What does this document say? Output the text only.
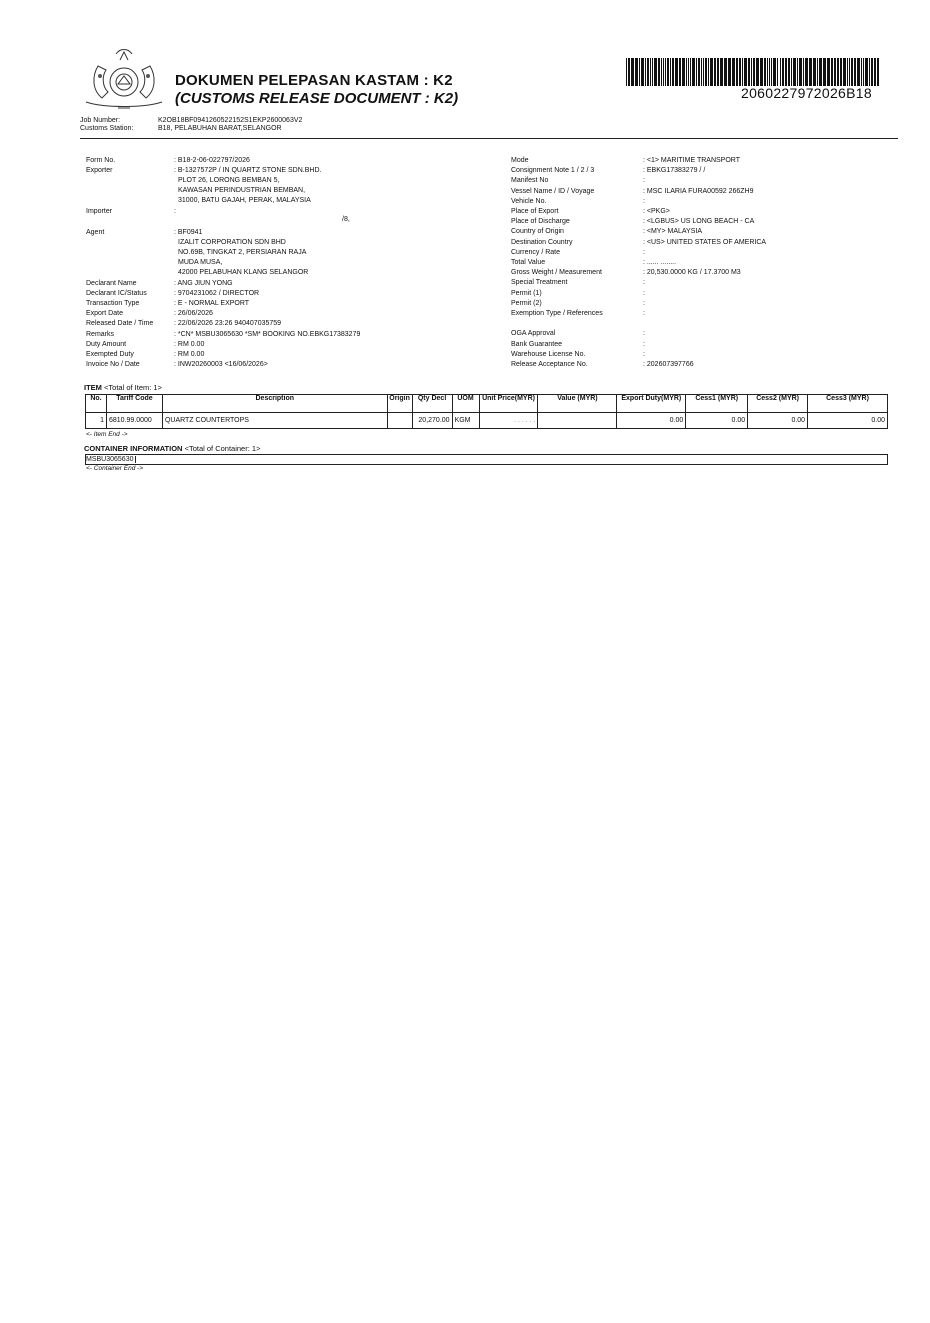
DOKUMEN PELEPASAN KASTAM : K2
(CUSTOMS RELEASE DOCUMENT : K2)	2060227972026B18
Job Number:	K2OB18BF0941260522152S1EKP2600063V2
Customs Station:	B18, PELABUHAN BARAT,SELANGOR
Form No.	: B18-2-06-022797/2026
Exporter	: B-1327572P / IN QUARTZ STONE SDN.BHD.
PLOT 26, LORONG BEMBAN 5,
KAWASAN PERINDUSTRIAN BEMBAN,
31000, BATU GAJAH, PERAK, MALAYSIA
Importer	:
/8,
Agent	: BF0941
IZALIT CORPORATION SDN BHD
NO.69B, TINGKAT 2, PERSIARAN RAJA
MUDA MUSA,
42000 PELABUHAN KLANG SELANGOR
Declarant Name	: ANG JIUN YONG
Declarant IC/Status	: 9704231062 / DIRECTOR
Transaction Type	: E - NORMAL EXPORT
Export Date	: 26/06/2026
Released Date / Time	: 22/06/2026 23:26 940407035759
Remarks	: *CN* MSBU3065630 *SM* BOOKING NO.EBKG17383279
Duty Amount	: RM 0.00
Exempted Duty	: RM 0.00
Invoice No / Date	: INW20260003 <16/06/2026>
Mode	: <1> MARITIME TRANSPORT
Consignment Note 1 / 2 / 3	: EBKG17383279 / /
Manifest No	:
Vessel Name / ID / Voyage	: MSC ILARIA FURA00592 266ZH9
Vehicle No.	:
Place of Export	: <PKG>
Place of Discharge	: <LGBUS> US LONG BEACH - CA
Country of Origin	: <MY> MALAYSIA
Destination Country	: <US> UNITED STATES OF AMERICA
Currency / Rate	:
Total Value	: ...... ........
Gross Weight / Measurement	: 20,530.0000 KG / 17.3700 M3
Special Treatment	:
Permit (1)	:
Permit (2)	:
Exemption Type / References	:
OGA Approval	:
Bank Guarantee	:
Warehouse License No.	:
Release Acceptance No.	: 202607397766
ITEM <Total of Item: 1>
No.	Tariff Code	Description	Origin	Qty Decl	UOM	Unit Price(MYR)	Value (MYR)	Export Duty(MYR)	Cess1 (MYR)	Cess2 (MYR)	Cess3 (MYR)
1	6810.99.0000	QUARTZ COUNTERTOPS		20,270.00	KGM	. . . . . .		0.00	0.00	0.00	0.00
<- Item End ->
CONTAINER INFORMATION <Total of Container: 1>
MSBU3065630
<- Container End ->
